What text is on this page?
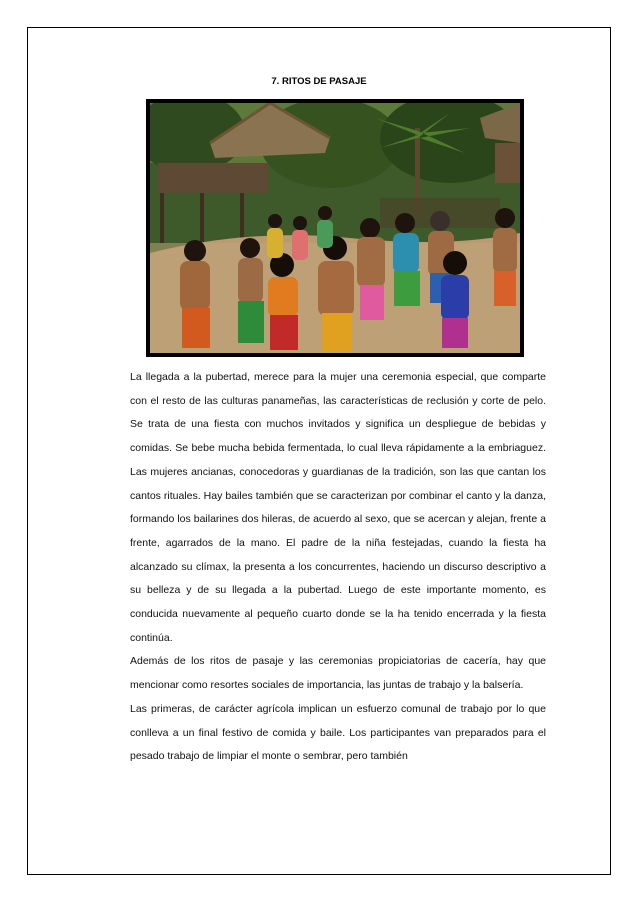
7. RITOS DE PASAJE

La llegada a la pubertad, merece para la mujer una ceremonia especial, que comparte con el resto de las culturas panameñas, las características de reclusión y corte de pelo. Se trata de una fiesta con muchos invitados y significa un despliegue de bebidas y comidas. Se bebe mucha bebida fermentada, lo cual lleva rápidamente a la embriaguez. Las mujeres ancianas, conocedoras y guardianas de la tradición, son las que cantan los cantos rituales. Hay bailes también que se caracterizan por combinar el canto y la danza, formando los bailarines dos hileras, de acuerdo al sexo, que se acercan y alejan, frente a frente, agarrados de la mano. El padre de la niña festejadas, cuando la fiesta ha alcanzado su clímax, la presenta a los concurrentes, haciendo un discurso descriptivo a su belleza y de su llegada a la pubertad. Luego de este importante momento, es conducida nuevamente al pequeño cuarto donde se la ha tenido encerrada y la fiesta continúa.

Además de los ritos de pasaje y las ceremonias propiciatorias de cacería, hay que mencionar como resortes sociales de importancia, las juntas de trabajo y la balsería.

Las primeras, de carácter agrícola implican un esfuerzo comunal de trabajo por lo que conlleva a un final festivo de comida y baile. Los participantes van preparados para el pesado trabajo de limpiar el monte o sembrar, pero también
